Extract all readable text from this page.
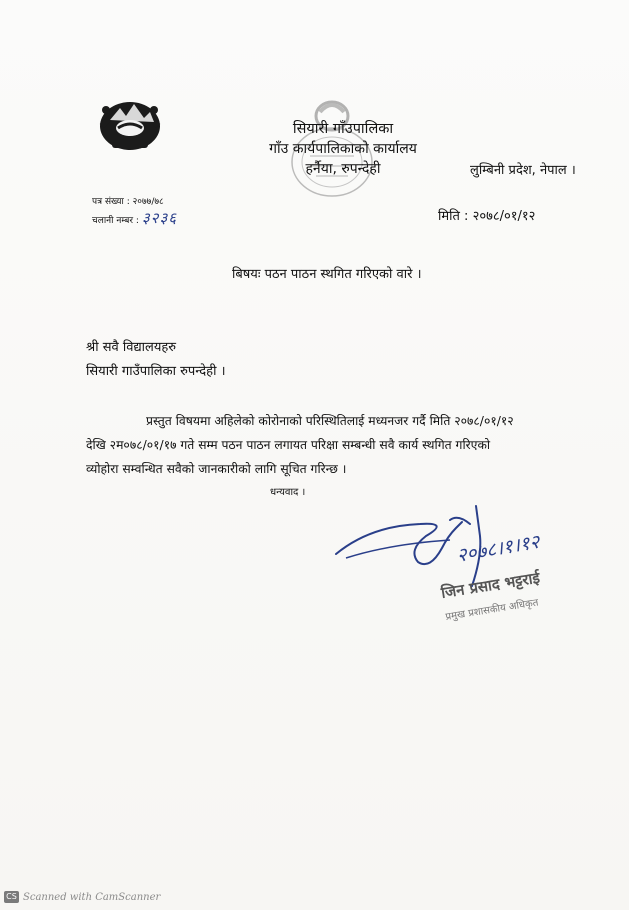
सियारी गाँउपालिका
गाँउ कार्यपालिकाको कार्यालय
हर्नैया, रुपन्देही	लुम्बिनी प्रदेश, नेपाल ।
पत्र संख्या : २०७७/७८
चलानी नम्बर : ३२३६	मिति : २०७८/०१/१२
बिषयः पठन पाठन स्थगित गरिएको वारे ।
श्री सवै विद्यालयहरु
सियारी गाउँपालिका रुपन्देही ।
प्रस्तुत विषयमा अहिलेको कोरोनाको परिस्थितिलाई मध्यनजर गर्दै मिति २०७८/०१/१२
देखि २म०७८/०१/१७ गते सम्म पठन पाठन लगायत परिक्षा सम्बन्धी सवै कार्य स्थगित गरिएको
व्योहोरा सम्वन्धित सवैको जानकारीको लागि सूचित गरिन्छ ।
धन्यवाद ।
२०७८।१।१२
जिन प्रसाद भट्टराई
प्रमुख प्रशासकीय अधिकृत
CS Scanned with CamScanner
